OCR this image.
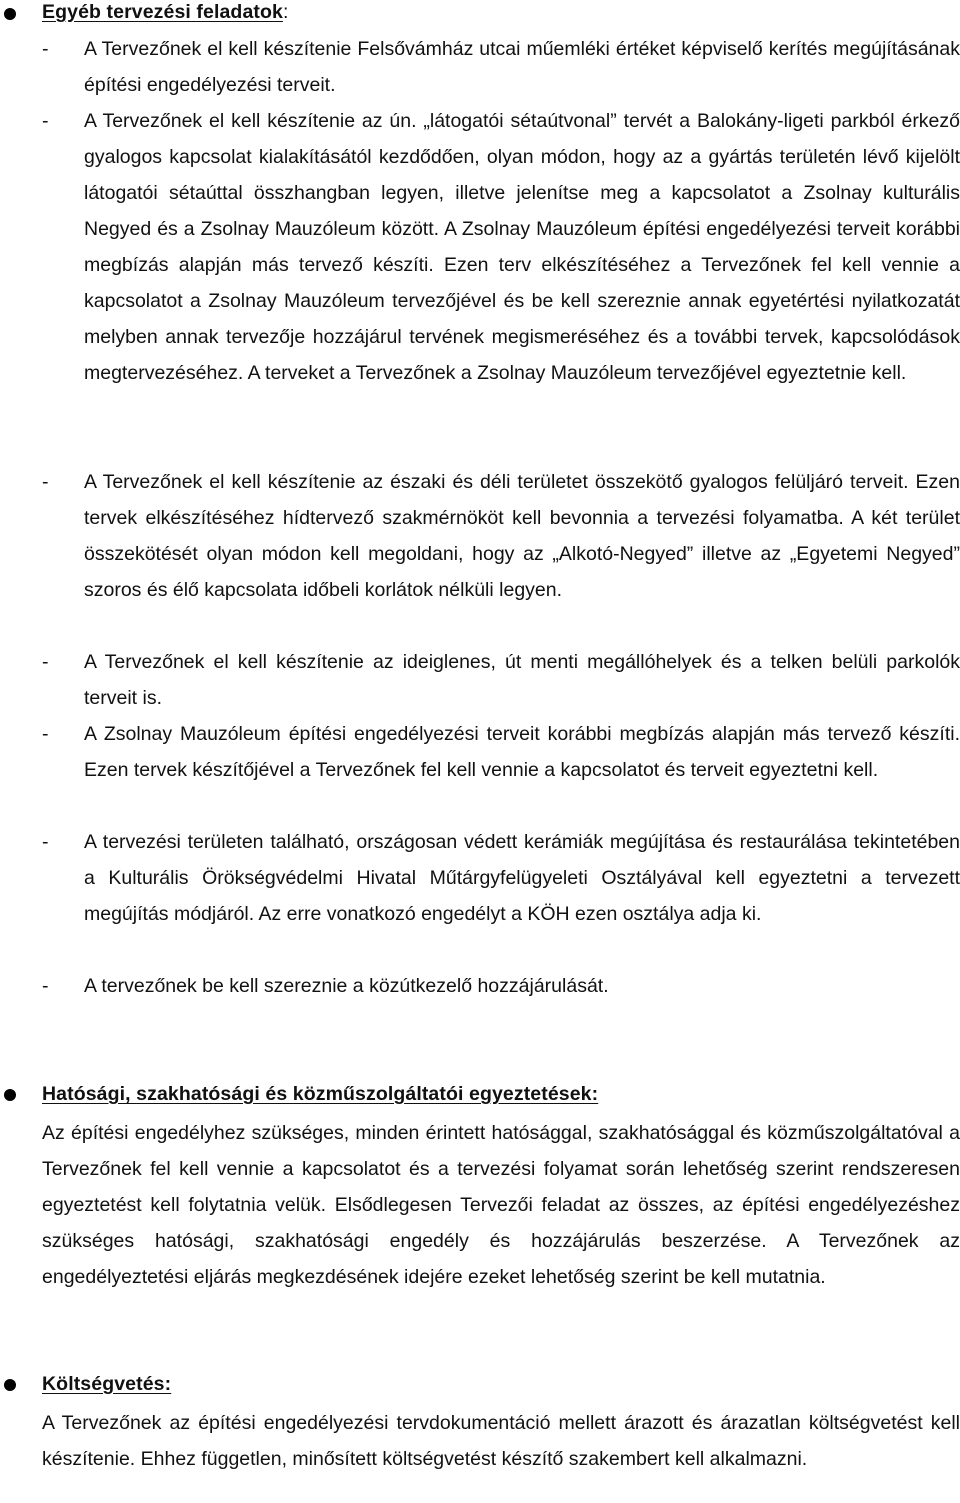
Egyéb tervezési feladatok:
- A Tervezőnek el kell készítenie Felsővámház utcai műemléki értéket képviselő kerítés megújításának építési engedélyezési terveit.

- A Tervezőnek el kell készítenie az ún. „látogatói sétaútvonal” tervét a Balokány-ligeti parkból érkező gyalogos kapcsolat kialakításától kezdődően, olyan módon, hogy az a gyártás területén lévő kijelölt látogatói sétaúttal összhangban legyen, illetve jelenítse meg a kapcsolatot a Zsolnay kulturális Negyed és a Zsolnay Mauzóleum között. A Zsolnay Mauzóleum építési engedélyezési terveit korábbi megbízás alapján más tervező készíti. Ezen terv elkészítéséhez a Tervezőnek fel kell vennie a kapcsolatot a Zsolnay Mauzóleum tervezőjével és be kell szereznie annak egyetértési nyilatkozatát melyben annak tervezője hozzájárul tervének megismeréséhez és a további tervek, kapcsolódások megtervezéséhez. A terveket a Tervezőnek a Zsolnay Mauzóleum tervezőjével egyeztetnie kell.

- A Tervezőnek el kell készítenie az északi és déli területet összekötő gyalogos felüljáró terveit. Ezen tervek elkészítéséhez hídtervező szakmérnököt kell bevonnia a tervezési folyamatba. A két terület összekötését olyan módon kell megoldani, hogy az „Alkotó-Negyed” illetve az „Egyetemi Negyed” szoros és élő kapcsolata időbeli korlátok nélküli legyen.

- A Tervezőnek el kell készítenie az ideiglenes, út menti megállóhelyek és a telken belüli parkolók terveit is.

- A Zsolnay Mauzóleum építési engedélyezési terveit korábbi megbízás alapján más tervező készíti. Ezen tervek készítőjével a Tervezőnek fel kell vennie a kapcsolatot és terveit egyeztetni kell.

- A tervezési területen található, országosan védett kerámiák megújítása és restaurálása tekintetében a Kulturális Örökségvédelmi Hivatal Műtárgyfelügyeleti Osztályával kell egyeztetni a tervezett megújítás módjáról. Az erre vonatkozó engedélyt a KÖH ezen osztálya adja ki.

- A tervezőnek be kell szereznie a közútkezelő hozzájárulását.

Hatósági, szakhatósági és közműszolgáltatói egyeztetések:

Az építési engedélyhez szükséges, minden érintett hatósággal, szakhatósággal és közműszolgáltatóval a Tervezőnek fel kell vennie a kapcsolatot és a tervezési folyamat során lehetőség szerint rendszeresen egyeztetést kell folytatnia velük. Elsődlegesen Tervezői feladat az összes, az építési engedélyezéshez szükséges hatósági, szakhatósági engedély és hozzájárulás beszerzése. A Tervezőnek az engedélyeztetési eljárás megkezdésének idejére ezeket lehetőség szerint be kell mutatnia.

Költségvetés:

A Tervezőnek az építési engedélyezési tervdokumentáció mellett árazott és árazatlan költségvetést kell készítenie. Ehhez független, minősített költségvetést készítő szakembert kell alkalmazni.
